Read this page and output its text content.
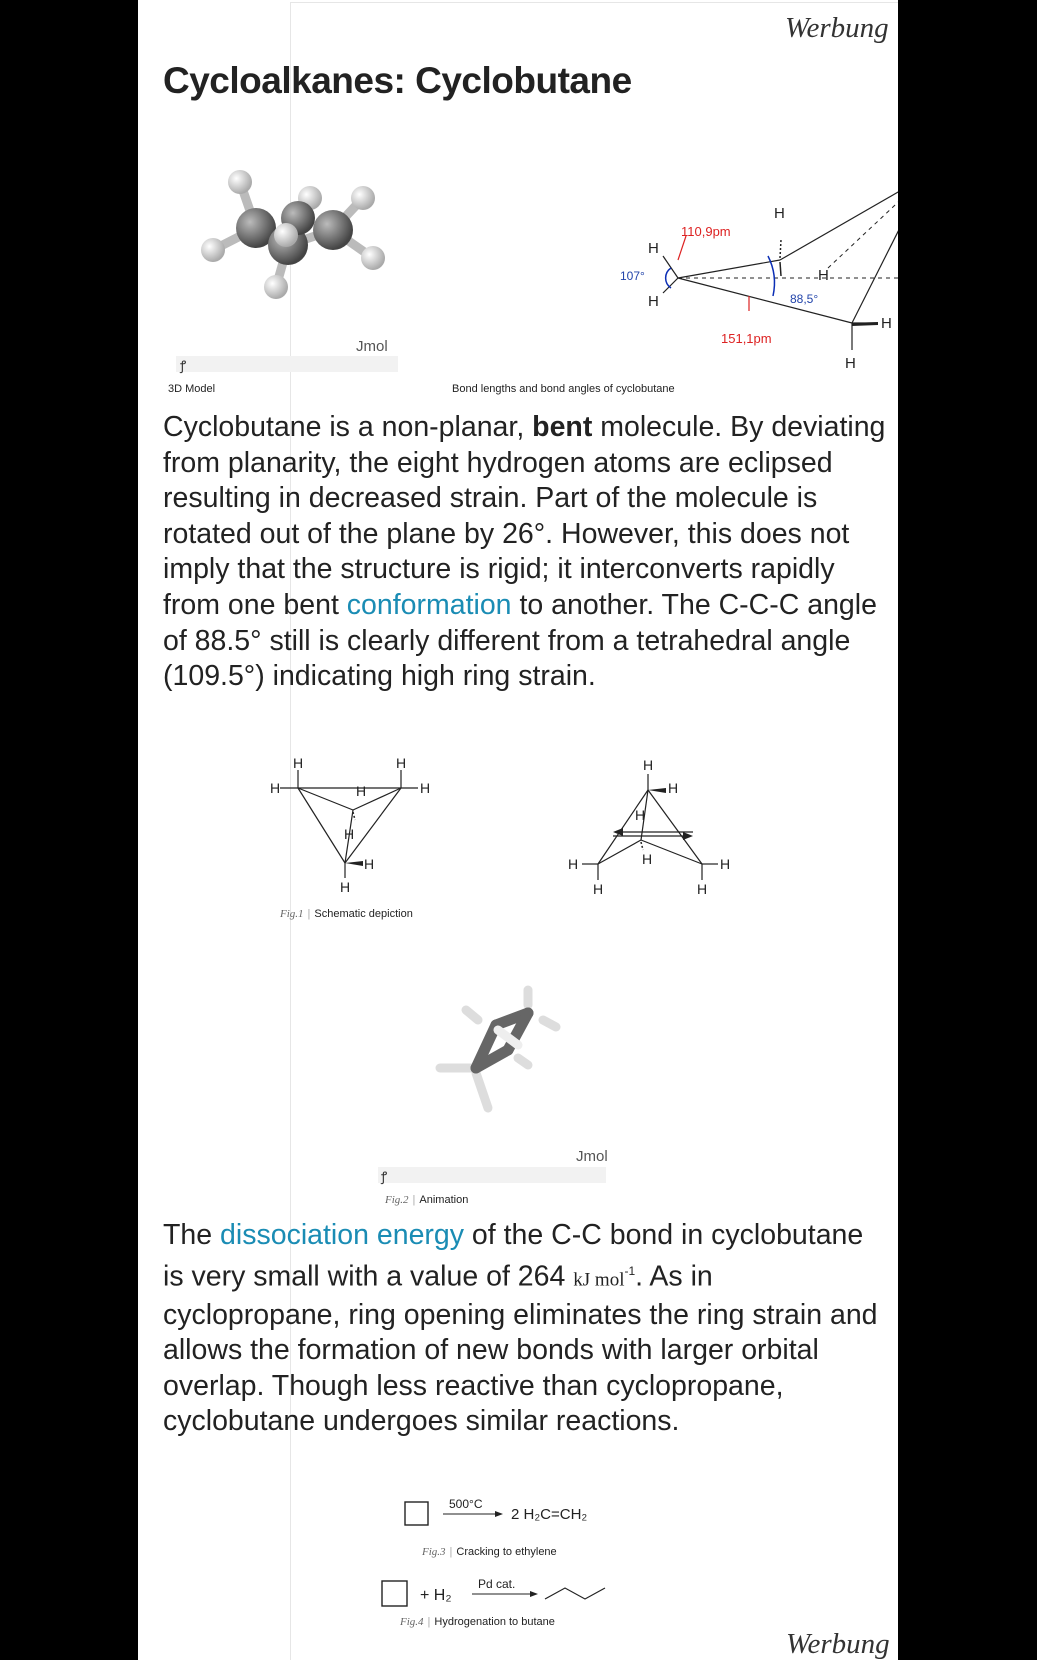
Werbung
Cycloalkanes: Cyclobutane
Jmol
ꝭ
3D Model
110,9pm
151,1pm
107°
88,5°
26°
H
H
H
H
H
H
H
H
Bond lengths and bond angles of cyclobutane

Cyclobutane is a non-planar, bent molecule. By deviating from planarity, the eight hydrogen atoms are eclipsed resulting in decreased strain. Part of the molecule is rotated out of the plane by 26°. However, this does not imply that the structure is rigid; it interconverts rapidly from one bent conformation to another. The C-C-C angle of 88.5° still is clearly different from a tetrahedral angle (109.5°) indicating high ring strain.

H
H	H
H
H
H
H
H
H
H
H
H
H
H
H
H
Fig.1 | Schematic depiction
Jmol
ꝭ
Fig.2 | Animation

The dissociation energy of the C-C bond in cyclobutane is very small with a value of 264 kJ mol$^{-1}$. As in cyclopropane, ring opening eliminates the ring strain and allows the formation of new bonds with larger orbital overlap. Though less reactive than cyclopropane, cyclobutane undergoes similar reactions.

500°C
2 H₂C=CH₂
Fig.3 | Cracking to ethylene
+ H₂
Pd cat.
Fig.4 | Hydrogenation to butane
Werbung
